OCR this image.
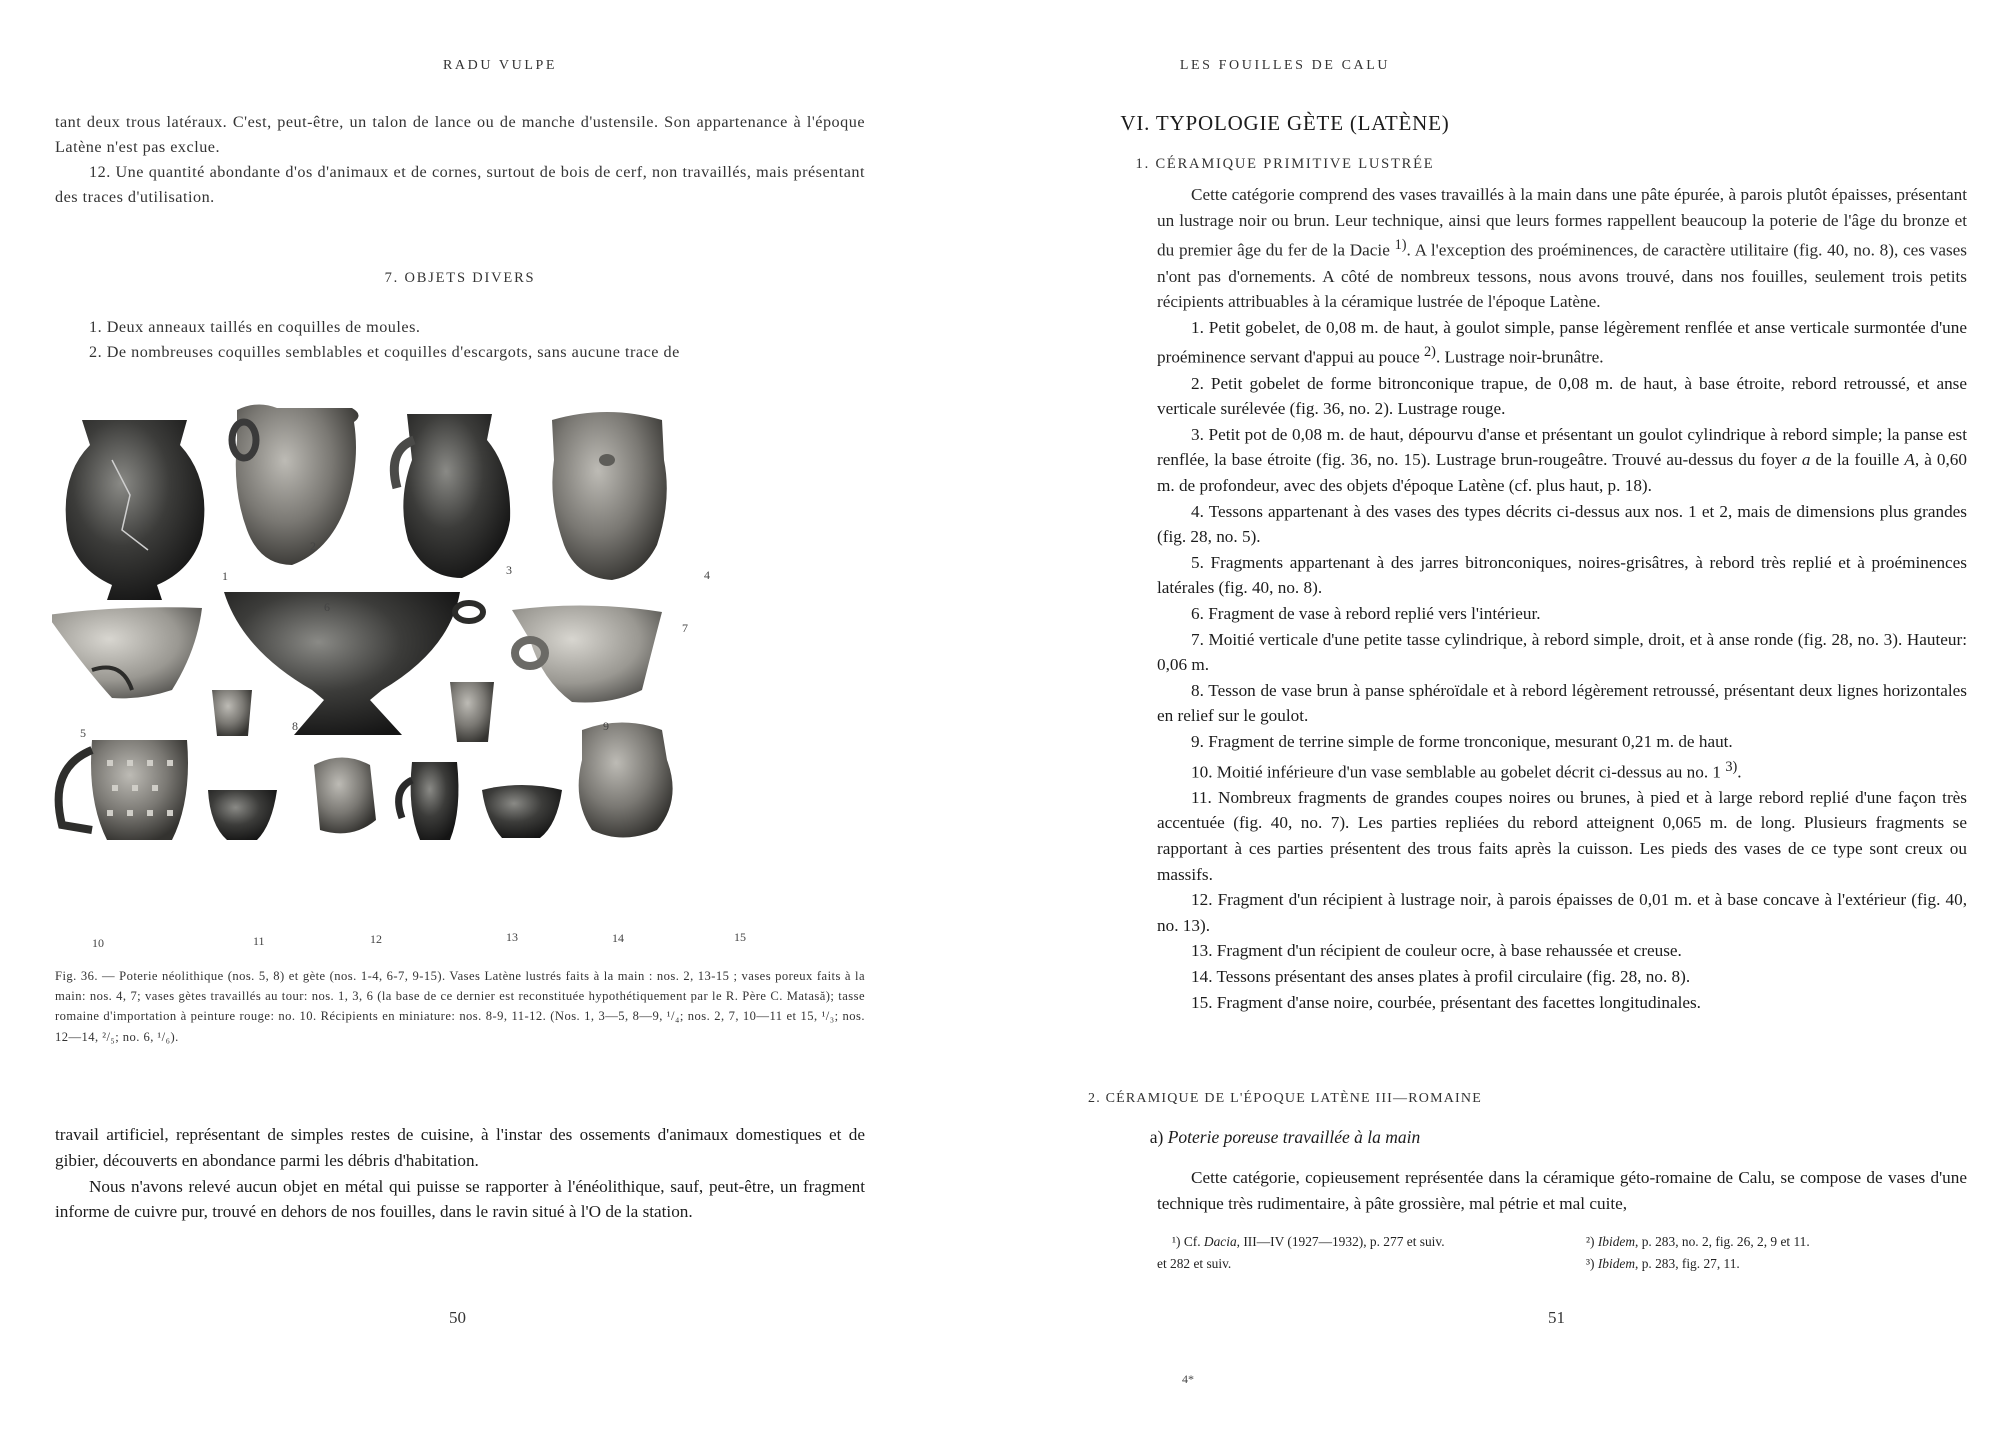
RADU VULPE

tant deux trous latéraux. C'est, peut-être, un talon de lance ou de manche d'ustensile. Son appartenance à l'époque Latène n'est pas exclue.

12. Une quantité abondante d'os d'animaux et de cornes, surtout de bois de cerf, non travaillés, mais présentant des traces d'utilisation.

7. OBJETS DIVERS

1. Deux anneaux taillés en coquilles de moules.

2. De nombreuses coquilles semblables et coquilles d'escargots, sans aucune trace de

1
2
3	4
5
6
7
8	9
10	11	12	13	14	15

Fig. 36. — Poterie néolithique (nos. 5, 8) et gète (nos. 1-4, 6-7, 9-15). Vases Latène lustrés faits à la main : nos. 2, 13-15 ; vases poreux faits à la main: nos. 4, 7; vases gètes travaillés au tour: nos. 1, 3, 6 (la base de ce dernier est reconstituée hypothétiquement par le R. Père C. Matasă); tasse romaine d'importation à peinture rouge: no. 10. Récipients en miniature: nos. 8-9, 11-12. (Nos. 1, 3—5, 8—9, ¹/₄; nos. 2, 7, 10—11 et 15, ¹/₃; nos. 12—14, ²/₅; no. 6, ¹/₆).

travail artificiel, représentant de simples restes de cuisine, à l'instar des ossements d'animaux domestiques et de gibier, découverts en abondance parmi les débris d'habitation.

Nous n'avons relevé aucun objet en métal qui puisse se rapporter à l'énéolithique, sauf, peut-être, un fragment informe de cuivre pur, trouvé en dehors de nos fouilles, dans le ravin situé à l'O de la station.

50
LES FOUILLES DE CALU
VI. TYPOLOGIE GÈTE (LATÈNE)
1. CÉRAMIQUE PRIMITIVE LUSTRÉE

Cette catégorie comprend des vases travaillés à la main dans une pâte épurée, à parois plutôt épaisses, présentant un lustrage noir ou brun. Leur technique, ainsi que leurs formes rappellent beaucoup la poterie de l'âge du bronze et du premier âge du fer de la Dacie $^{1)}$. A l'exception des proéminences, de caractère utilitaire (fig. 40, no. 8), ces vases n'ont pas d'ornements. A côté de nombreux tessons, nous avons trouvé, dans nos fouilles, seulement trois petits récipients attribuables à la céramique lustrée de l'époque Latène.

1. Petit gobelet, de 0,08 m. de haut, à goulot simple, panse légèrement renflée et anse verticale surmontée d'une proéminence servant d'appui au pouce $^{2)}$. Lustrage noir-brunâtre.

2. Petit gobelet de forme bitronconique trapue, de 0,08 m. de haut, à base étroite, rebord retroussé, et anse verticale surélevée (fig. 36, no. 2). Lustrage rouge.

3. Petit pot de 0,08 m. de haut, dépourvu d'anse et présentant un goulot cylindrique à rebord simple; la panse est renflée, la base étroite (fig. 36, no. 15). Lustrage brun-rougeâtre. Trouvé au-dessus du foyer a de la fouille A, à 0,60 m. de profondeur, avec des objets d'époque Latène (cf. plus haut, p. 18).

4. Tessons appartenant à des vases des types décrits ci-dessus aux nos. 1 et 2, mais de dimensions plus grandes (fig. 28, no. 5).

5. Fragments appartenant à des jarres bitronconiques, noires-grisâtres, à rebord très replié et à proéminences latérales (fig. 40, no. 8).

6. Fragment de vase à rebord replié vers l'intérieur.

7. Moitié verticale d'une petite tasse cylindrique, à rebord simple, droit, et à anse ronde (fig. 28, no. 3). Hauteur: 0,06 m.

8. Tesson de vase brun à panse sphéroïdale et à rebord légèrement retroussé, présentant deux lignes horizontales en relief sur le goulot.

9. Fragment de terrine simple de forme tronconique, mesurant 0,21 m. de haut.

10. Moitié inférieure d'un vase semblable au gobelet décrit ci-dessus au no. 1 $^{3)}$.

11. Nombreux fragments de grandes coupes noires ou brunes, à pied et à large rebord replié d'une façon très accentuée (fig. 40, no. 7). Les parties repliées du rebord atteignent 0,065 m. de long. Plusieurs fragments se rapportant à ces parties présentent des trous faits après la cuisson. Les pieds des vases de ce type sont creux ou massifs.

12. Fragment d'un récipient à lustrage noir, à parois épaisses de 0,01 m. et à base concave à l'extérieur (fig. 40, no. 13).

13. Fragment d'un récipient de couleur ocre, à base rehaussée et creuse.

14. Tessons présentant des anses plates à profil circulaire (fig. 28, no. 8).

15. Fragment d'anse noire, courbée, présentant des facettes longitudinales.

2. CÉRAMIQUE DE L'ÉPOQUE LATÈNE III—ROMAINE
a) Poterie poreuse travaillée à la main

Cette catégorie, copieusement représentée dans la céramique géto-romaine de Calu, se compose de vases d'une technique très rudimentaire, à pâte grossière, mal pétrie et mal cuite,

¹) Cf. Dacia, III—IV (1927—1932), p. 277 et suiv.

et 282 et suiv.

²) Ibidem, p. 283, no. 2, fig. 26, 2, 9 et 11.

³) Ibidem, p. 283, fig. 27, 11.

51
4*
